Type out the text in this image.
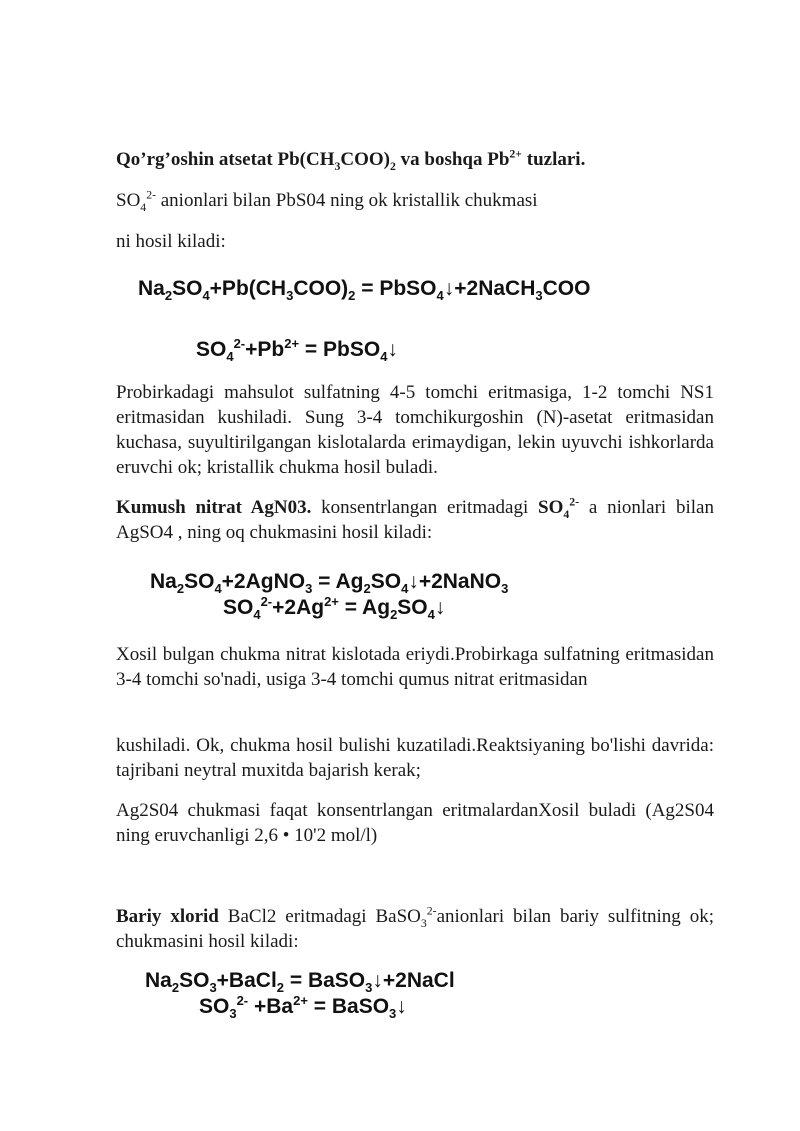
Qo’rg’oshin atsetat $Pb(CH_3COO)_2$ va boshqa $Pb^{2+}$ tuzlari.
$SO_4^{2-}$ anionlari bilan PbS04 ning ok kristallik chukmasi
ni hosil kiladi:
$Na_2SO_4+Pb(CH_3COO)_2$ = PbSO$_4$↓+2NaCH$_3$COO
$SO_4^{2-}+Pb^{2+}$ = PbSO$_4$↓

Probirkadagi mahsulot sulfatning 4-5 tomchi eritmasiga, 1-2 tomchi NS1 eritmasidan kushiladi. Sung 3-4 tomchikurgoshin (N)-asetat eritmasidan kuchasa, suyultirilgangan kislotalarda erimaydigan, lekin uyuvchi ishkorlarda eruvchi ok; kristallik chukma hosil buladi.

Kumush nitrat AgN03. konsentrlangan eritmadagi $SO_4^{2-}$ a nionlari bilan AgSO4 , ning oq chukmasini hosil kiladi:

$Na_2SO_4+2AgNO_3$ = $Ag_2SO_4↓+2NaNO_3$
$SO_4^{2-}+2Ag^{2+}$ = $Ag_2SO_4↓$

Xosil bulgan chukma nitrat kislotada eriydi.Probirkaga sulfatning eritmasidan 3-4 tomchi so'nadi, usiga 3-4 tomchi qumus nitrat eritmasidan

kushiladi. Ok, chukma hosil bulishi kuzatiladi.Reaktsiyaning bo'lishi davrida: tajribani neytral muxitda bajarish kerak;

Ag2S04 chukmasi faqat konsentrlangan eritmalardanXosil buladi (Ag2S04 ning eruvchanligi 2,6 • 10'2 mol/l)

Bariy xlorid BaCl2 eritmadagi BaSO$_3^{2-}$anionlari bilan bariy sulfitning ok; chukmasini hosil kiladi:

$Na_2SO_3+BaCl_2$ = BaSO$_3$↓+2NaCl
$SO_3^{2-} +Ba^{2+}$ = BaSO$_3$↓
